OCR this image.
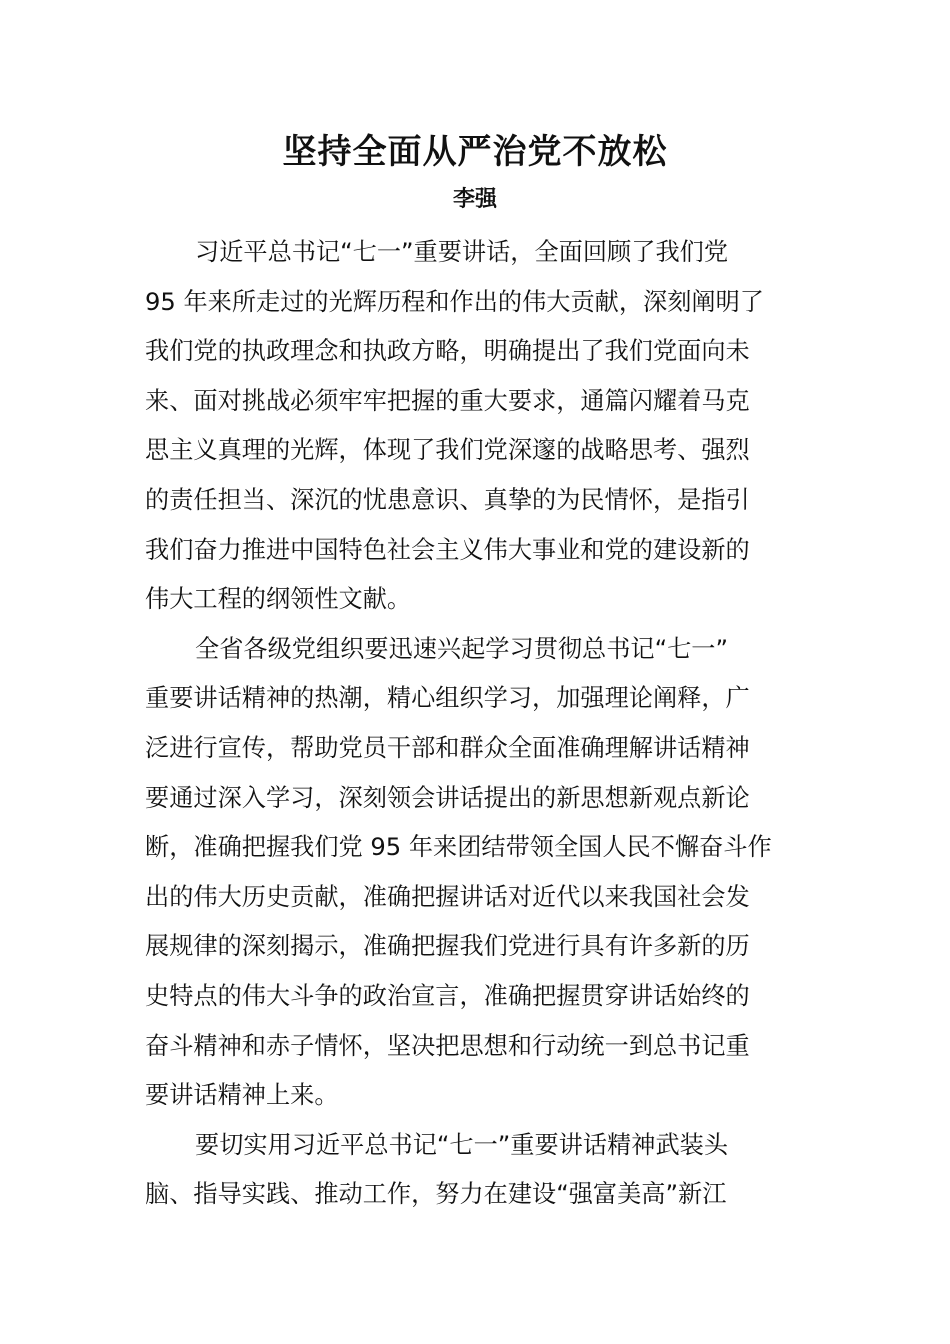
坚持全面从严治党不放松
李强
习近平总书记“七一”重要讲话，全面回顾了我们党
95 年来所走过的光辉历程和作出的伟大贡献，深刻阐明了
我们党的执政理念和执政方略，明确提出了我们党面向未
来、面对挑战必须牢牢把握的重大要求，通篇闪耀着马克
思主义真理的光辉，体现了我们党深邃的战略思考、强烈
的责任担当、深沉的忧患意识、真挚的为民情怀，是指引
我们奋力推进中国特色社会主义伟大事业和党的建设新的
伟大工程的纲领性文献。
全省各级党组织要迅速兴起学习贯彻总书记“七一”
重要讲话精神的热潮，精心组织学习，加强理论阐释，广
泛进行宣传，帮助党员干部和群众全面准确理解讲话精神
要通过深入学习，深刻领会讲话提出的新思想新观点新论
断，准确把握我们党 95 年来团结带领全国人民不懈奋斗作
出的伟大历史贡献，准确把握讲话对近代以来我国社会发
展规律的深刻揭示，准确把握我们党进行具有许多新的历
史特点的伟大斗争的政治宣言，准确把握贯穿讲话始终的
奋斗精神和赤子情怀，坚决把思想和行动统一到总书记重
要讲话精神上来。
要切实用习近平总书记“七一”重要讲话精神武装头
脑、指导实践、推动工作，努力在建设“强富美高”新江
